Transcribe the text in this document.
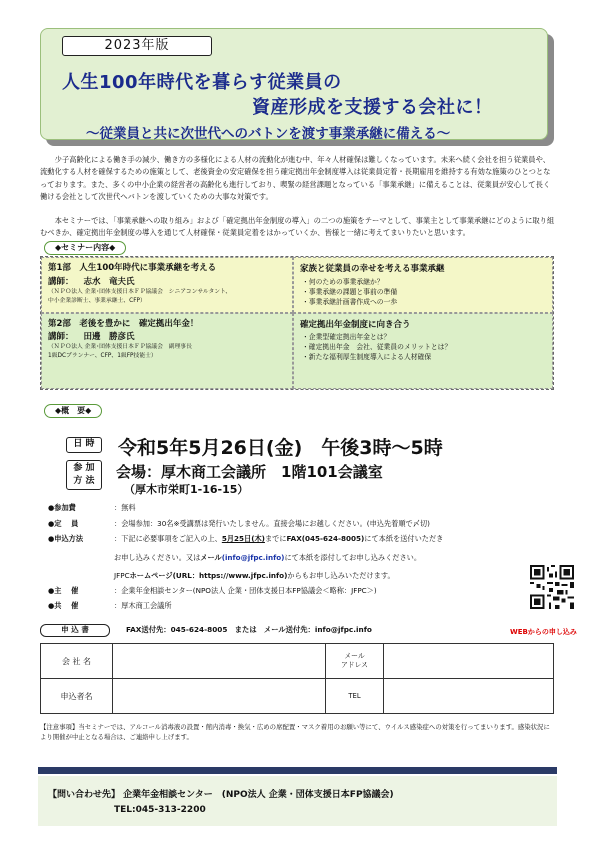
2023年版
人生100年時代を暮らす従業員の
資産形成を支援する会社に！
～従業員と共に次世代へのバトンを渡す事業承継に備える～

少子高齢化による働き手の減少、働き方の多様化による人材の流動化が進む中、年々人材確保は難しくなっています。未来へ続く会社を担う従業員や、流動化する人材を確保するための施策として、老後資金の安定確保を担う確定拠出年金制度導入は従業員定着・長期雇用を維持する有効な施策のひとつとなっております。また、多くの中小企業の経営者の高齢化も進行しており、喫緊の経営課題となっている「事業承継」に備えることは、従業員が安心して長く働ける会社として次世代へバトンを渡していくための大事な対策です。

本セミナーでは、「事業承継への取り組み」および「確定拠出年金制度の導入」の二つの施策をテーマとして、事業主として事業承継にどのように取り組むべきか、確定拠出年金制度の導入を通じて人材確保・従業員定着をはかっていくか、皆様と一緒に考えてまいりたいと思います。

◆セミナー内容◆
第1部　人生100年時代に事業承継を考える
講師： 志水　竜夫氏
（ＮＰＯ法人 企業･団体支援日本ＦＰ協議会　シニアコンサルタント、
中小企業診断士、事業承継士、CFP）
家族と従業員の幸せを考える事業承継
・何のための事業承継か？
・事業承継の課題と事前の準備
・事業承継計画書作成への一歩
第2部　老後を豊かに　確定拠出年金！
講師： 田邊　勝彦氏
（ＮＰＯ法人 企業･団体支援日本ＦＰ協議会　副理事長
1級DCプランナー、CFP、1級FP技能士）
確定拠出年金制度に向き合う
・企業型確定拠出年金とは？
・確定拠出年金　会社、従業員のメリットとは？
・新たな福利厚生制度導入による人材確保
◆概　要◆
日 時	令和5年5月26日(金)　午後3時～5時
参 加
方 法	会場：厚木商工会議所　1階101会議室
（厚木市栄町1-16-15）
●参加費	：無料
●定　 員	：会場参加：30名※受講票は発行いたしません。直接会場にお越しください。(申込先着順で〆切)
●申込方法	：下記に必要事項をご記入の上、5月25日(木)までにFAX(045-624-8005)にて本紙を送付いただき
お申し込みください。又はメール(info@jfpc.info)にて本紙を添付してお申し込みください。
JFPCホームページ(URL：https://www.jfpc.info)からもお申し込みいただけます。
●主　 催	：企業年金相談センター(NPO法人 企業・団体支援日本FP協議会＜略称：JFPC＞)
●共　 催	：厚木商工会議所
WEBからの申し込み
申 込 書	FAX送付先：045-624-8005　または　メール送付先：info@jfpc.info
会 社 名		メール
アドレス	

申込者名		TEL	

【注意事項】当セミナーでは、アルコール消毒液の設置・館内消毒・換気・広めの席配置・マスク着用のお願い等にて、ウイルス感染症への対策を行ってまいります。感染状況により開催が中止となる場合は、ご連絡申し上げます。

【問い合わせ先】 企業年金相談センター　(NPO法人 企業・団体支援日本FP協議会)
TEL:045-313-2200
